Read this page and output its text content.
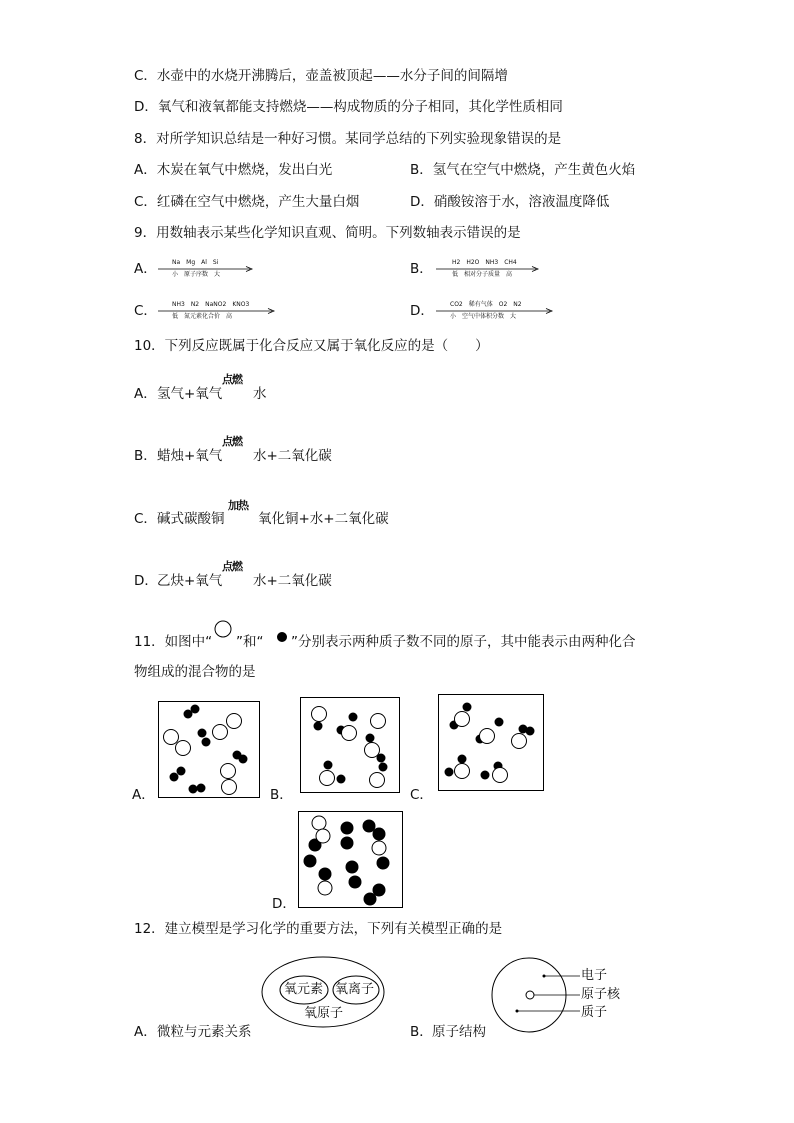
C．水壶中的水烧开沸腾后，壶盖被顶起——水分子间的间隔增
D．氧气和液氧都能支持燃烧——构成物质的分子相同，其化学性质相同
8．对所学知识总结是一种好习惯。某同学总结的下列实验现象错误的是
A．木炭在氧气中燃烧，发出白光	B．氢气在空气中燃烧，产生黄色火焰
C．红磷在空气中燃烧，产生大量白烟	D．硝酸铵溶于水，溶液温度降低
9．用数轴表示某些化学知识直观、简明。下列数轴表示错误的是
A．	Na　Mg　Al　Si
小　原子序数　大	B．	H2　H2O　NH3　CH4
低　相对分子质量　高
C．	NH3　N2　NaNO2　KNO3
低　氮元素化合价　高	D．	CO2　稀有气体　O2　N2
小　空气中体积分数　大
10．下列反应既属于化合反应又属于氧化反应的是（　　）
A． 氢气+氧气
点燃
水
B． 蜡烛+氧气
点燃
水+二氧化碳
C． 碱式碳酸铜
加热
氧化铜+水+二氧化碳
D． 乙炔+氧气
点燃
水+二氧化碳
11．如图中“ ”和“ ”分别表示两种质子数不同的原子，其中能表示由两种化合
物组成的混合物的是
A．	B．	C．
D．
12．建立模型是学习化学的重要方法，下列有关模型正确的是
A． 微粒与元素关系
氧元素 氧离子
氧原子
B． 原子结构
电子
原子核
质子
